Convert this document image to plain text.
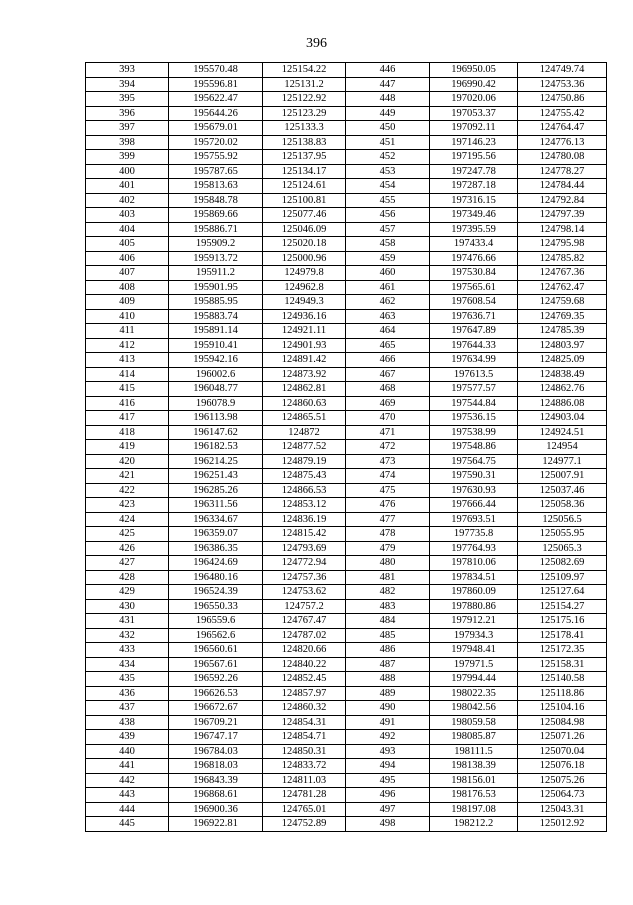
396
393	195570.48	125154.22	446	196950.05	124749.74
394	195596.81	125131.2	447	196990.42	124753.36
395	195622.47	125122.92	448	197020.06	124750.86
396	195644.26	125123.29	449	197053.37	124755.42
397	195679.01	125133.3	450	197092.11	124764.47
398	195720.02	125138.83	451	197146.23	124776.13
399	195755.92	125137.95	452	197195.56	124780.08
400	195787.65	125134.17	453	197247.78	124778.27
401	195813.63	125124.61	454	197287.18	124784.44
402	195848.78	125100.81	455	197316.15	124792.84
403	195869.66	125077.46	456	197349.46	124797.39
404	195886.71	125046.09	457	197395.59	124798.14
405	195909.2	125020.18	458	197433.4	124795.98
406	195913.72	125000.96	459	197476.66	124785.82
407	195911.2	124979.8	460	197530.84	124767.36
408	195901.95	124962.8	461	197565.61	124762.47
409	195885.95	124949.3	462	197608.54	124759.68
410	195883.74	124936.16	463	197636.71	124769.35
411	195891.14	124921.11	464	197647.89	124785.39
412	195910.41	124901.93	465	197644.33	124803.97
413	195942.16	124891.42	466	197634.99	124825.09
414	196002.6	124873.92	467	197613.5	124838.49
415	196048.77	124862.81	468	197577.57	124862.76
416	196078.9	124860.63	469	197544.84	124886.08
417	196113.98	124865.51	470	197536.15	124903.04
418	196147.62	124872	471	197538.99	124924.51
419	196182.53	124877.52	472	197548.86	124954
420	196214.25	124879.19	473	197564.75	124977.1
421	196251.43	124875.43	474	197590.31	125007.91
422	196285.26	124866.53	475	197630.93	125037.46
423	196311.56	124853.12	476	197666.44	125058.36
424	196334.67	124836.19	477	197693.51	125056.5
425	196359.07	124815.42	478	197735.8	125055.95
426	196386.35	124793.69	479	197764.93	125065.3
427	196424.69	124772.94	480	197810.06	125082.69
428	196480.16	124757.36	481	197834.51	125109.97
429	196524.39	124753.62	482	197860.09	125127.64
430	196550.33	124757.2	483	197880.86	125154.27
431	196559.6	124767.47	484	197912.21	125175.16
432	196562.6	124787.02	485	197934.3	125178.41
433	196560.61	124820.66	486	197948.41	125172.35
434	196567.61	124840.22	487	197971.5	125158.31
435	196592.26	124852.45	488	197994.44	125140.58
436	196626.53	124857.97	489	198022.35	125118.86
437	196672.67	124860.32	490	198042.56	125104.16
438	196709.21	124854.31	491	198059.58	125084.98
439	196747.17	124854.71	492	198085.87	125071.26
440	196784.03	124850.31	493	198111.5	125070.04
441	196818.03	124833.72	494	198138.39	125076.18
442	196843.39	124811.03	495	198156.01	125075.26
443	196868.61	124781.28	496	198176.53	125064.73
444	196900.36	124765.01	497	198197.08	125043.31
445	196922.81	124752.89	498	198212.2	125012.92
